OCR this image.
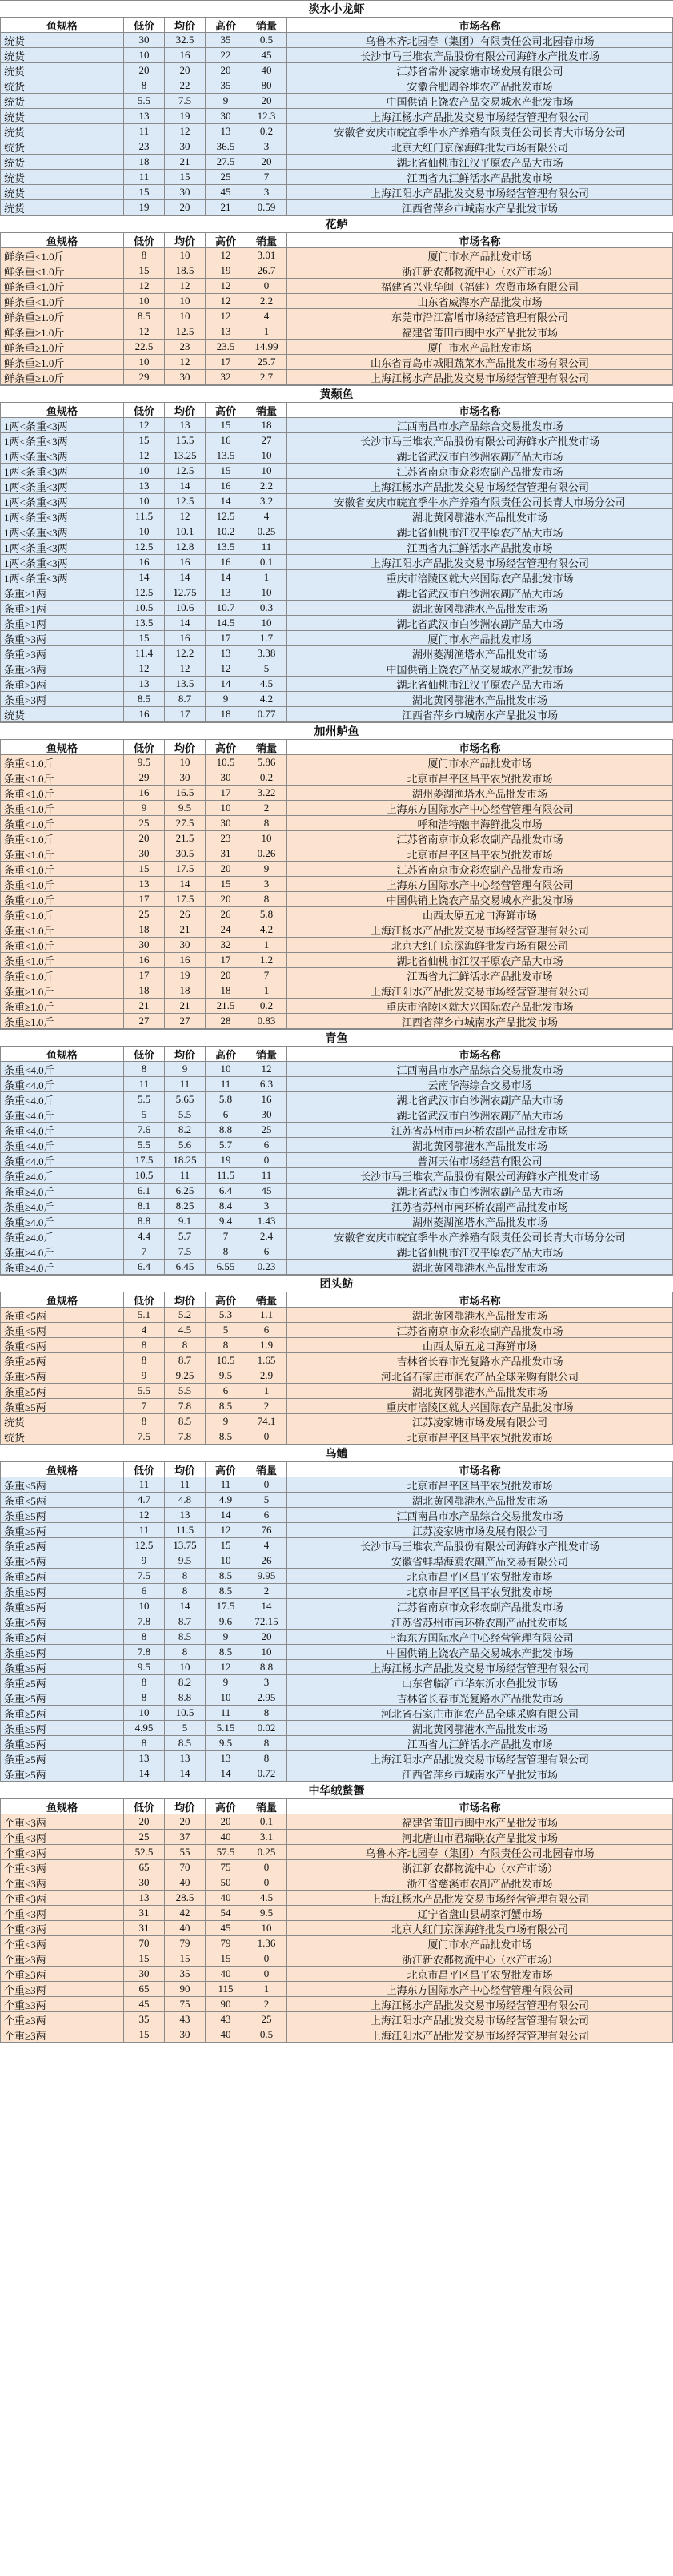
淡水小龙虾
鱼规格	低价	均价	高价	销量	市场名称
统货	30	32.5	35	0.5	乌鲁木齐北园春（集团）有限责任公司北园春市场
统货	10	16	22	45	长沙市马王堆农产品股份有限公司海鲜水产批发市场
统货	20	20	20	40	江苏省常州凌家塘市场发展有限公司
统货	8	22	35	80	安徽合肥周谷堆农产品批发市场
统货	5.5	7.5	9	20	中国供销上饶农产品交易城水产批发市场
统货	13	19	30	12.3	上海江杨水产品批发交易市场经营管理有限公司
统货	11	12	13	0.2	安徽省安庆市皖宜季牛水产养殖有限责任公司长青大市场分公司
统货	23	30	36.5	3	北京大红门京深海鲜批发市场有限公司
统货	18	21	27.5	20	湖北省仙桃市江汉平原农产品大市场
统货	11	15	25	7	江西省九江鲜活水产品批发市场
统货	15	30	45	3	上海江阳水产品批发交易市场经营管理有限公司
统货	19	20	21	0.59	江西省萍乡市城南水产品批发市场
花鲈
鱼规格	低价	均价	高价	销量	市场名称
鲜条重<1.0斤	8	10	12	3.01	厦门市水产品批发市场
鲜条重<1.0斤	15	18.5	19	26.7	浙江新农都物流中心（水产市场）
鲜条重<1.0斤	12	12	12	0	福建省兴业华闽（福建）农贸市场有限公司
鲜条重<1.0斤	10	10	12	2.2	山东省威海水产品批发市场
鲜条重≥1.0斤	8.5	10	12	4	东莞市沿江富增市场经营管理有限公司
鲜条重≥1.0斤	12	12.5	13	1	福建省莆田市闽中水产品批发市场
鲜条重≥1.0斤	22.5	23	23.5	14.99	厦门市水产品批发市场
鲜条重≥1.0斤	10	12	17	25.7	山东省青岛市城阳蔬菜水产品批发市场有限公司
鲜条重≥1.0斤	29	30	32	2.7	上海江杨水产品批发交易市场经营管理有限公司
黄颡鱼
鱼规格	低价	均价	高价	销量	市场名称
1两<条重<3两	12	13	15	18	江西南昌市水产品综合交易批发市场
1两<条重<3两	15	15.5	16	27	长沙市马王堆农产品股份有限公司海鲜水产批发市场
1两<条重<3两	12	13.25	13.5	10	湖北省武汉市白沙洲农副产品大市场
1两<条重<3两	10	12.5	15	10	江苏省南京市众彩农副产品批发市场
1两<条重<3两	13	14	16	2.2	上海江杨水产品批发交易市场经营管理有限公司
1两<条重<3两	10	12.5	14	3.2	安徽省安庆市皖宜季牛水产养殖有限责任公司长青大市场分公司
1两<条重<3两	11.5	12	12.5	4	湖北黄冈鄂港水产品批发市场
1两<条重<3两	10	10.1	10.2	0.25	湖北省仙桃市江汉平原农产品大市场
1两<条重<3两	12.5	12.8	13.5	11	江西省九江鲜活水产品批发市场
1两<条重<3两	16	16	16	0.1	上海江阳水产品批发交易市场经营管理有限公司
1两<条重<3两	14	14	14	1	重庆市涪陵区就大兴国际农产品批发市场
条重>1两	12.5	12.75	13	10	湖北省武汉市白沙洲农副产品大市场
条重>1两	10.5	10.6	10.7	0.3	湖北黄冈鄂港水产品批发市场
条重>1两	13.5	14	14.5	10	湖北省武汉市白沙洲农副产品大市场
条重>3两	15	16	17	1.7	厦门市水产品批发市场
条重>3两	11.4	12.2	13	3.38	湖州菱湖渔塔水产品批发市场
条重>3两	12	12	12	5	中国供销上饶农产品交易城水产批发市场
条重>3两	13	13.5	14	4.5	湖北省仙桃市江汉平原农产品大市场
条重>3两	8.5	8.7	9	4.2	湖北黄冈鄂港水产品批发市场
统货	16	17	18	0.77	江西省萍乡市城南水产品批发市场
加州鲈鱼
鱼规格	低价	均价	高价	销量	市场名称
条重<1.0斤	9.5	10	10.5	5.86	厦门市水产品批发市场
条重<1.0斤	29	30	30	0.2	北京市昌平区昌平农贸批发市场
条重<1.0斤	16	16.5	17	3.22	湖州菱湖渔塔水产品批发市场
条重<1.0斤	9	9.5	10	2	上海东方国际水产中心经营管理有限公司
条重<1.0斤	25	27.5	30	8	呼和浩特融丰海鲜批发市场
条重<1.0斤	20	21.5	23	10	江苏省南京市众彩农副产品批发市场
条重<1.0斤	30	30.5	31	0.26	北京市昌平区昌平农贸批发市场
条重<1.0斤	15	17.5	20	9	江苏省南京市众彩农副产品批发市场
条重<1.0斤	13	14	15	3	上海东方国际水产中心经营管理有限公司
条重<1.0斤	17	17.5	20	8	中国供销上饶农产品交易城水产批发市场
条重<1.0斤	25	26	26	5.8	山西太原五龙口海鲜市场
条重<1.0斤	18	21	24	4.2	上海江杨水产品批发交易市场经营管理有限公司
条重<1.0斤	30	30	32	1	北京大红门京深海鲜批发市场有限公司
条重<1.0斤	16	16	17	1.2	湖北省仙桃市江汉平原农产品大市场
条重<1.0斤	17	19	20	7	江西省九江鲜活水产品批发市场
条重≥1.0斤	18	18	18	1	上海江阳水产品批发交易市场经营管理有限公司
条重≥1.0斤	21	21	21.5	0.2	重庆市涪陵区就大兴国际农产品批发市场
条重≥1.0斤	27	27	28	0.83	江西省萍乡市城南水产品批发市场
青鱼
鱼规格	低价	均价	高价	销量	市场名称
条重<4.0斤	8	9	10	12	江西南昌市水产品综合交易批发市场
条重<4.0斤	11	11	11	6.3	云南华海综合交易市场
条重<4.0斤	5.5	5.65	5.8	16	湖北省武汉市白沙洲农副产品大市场
条重<4.0斤	5	5.5	6	30	湖北省武汉市白沙洲农副产品大市场
条重<4.0斤	7.6	8.2	8.8	25	江苏省苏州市南环桥农副产品批发市场
条重<4.0斤	5.5	5.6	5.7	6	湖北黄冈鄂港水产品批发市场
条重<4.0斤	17.5	18.25	19	0	普洱天佑市场经营有限公司
条重≥4.0斤	10.5	11	11.5	11	长沙市马王堆农产品股份有限公司海鲜水产批发市场
条重≥4.0斤	6.1	6.25	6.4	45	湖北省武汉市白沙洲农副产品大市场
条重≥4.0斤	8.1	8.25	8.4	3	江苏省苏州市南环桥农副产品批发市场
条重≥4.0斤	8.8	9.1	9.4	1.43	湖州菱湖渔塔水产品批发市场
条重≥4.0斤	4.4	5.7	7	2.4	安徽省安庆市皖宜季牛水产养殖有限责任公司长青大市场分公司
条重≥4.0斤	7	7.5	8	6	湖北省仙桃市江汉平原农产品大市场
条重≥4.0斤	6.4	6.45	6.55	0.23	湖北黄冈鄂港水产品批发市场
团头鲂
鱼规格	低价	均价	高价	销量	市场名称
条重<5两	5.1	5.2	5.3	1.1	湖北黄冈鄂港水产品批发市场
条重<5两	4	4.5	5	6	江苏省南京市众彩农副产品批发市场
条重<5两	8	8	8	1.9	山西太原五龙口海鲜市场
条重≥5两	8	8.7	10.5	1.65	吉林省长春市光复路水产品批发市场
条重≥5两	9	9.25	9.5	2.9	河北省石家庄市润农产品全球采购有限公司
条重≥5两	5.5	5.5	6	1	湖北黄冈鄂港水产品批发市场
条重≥5两	7	7.8	8.5	2	重庆市涪陵区就大兴国际农产品批发市场
统货	8	8.5	9	74.1	江苏凌家塘市场发展有限公司
统货	7.5	7.8	8.5	0	北京市昌平区昌平农贸批发市场
乌鳢
鱼规格	低价	均价	高价	销量	市场名称
条重<5两	11	11	11	0	北京市昌平区昌平农贸批发市场
条重<5两	4.7	4.8	4.9	5	湖北黄冈鄂港水产品批发市场
条重≥5两	12	13	14	6	江西南昌市水产品综合交易批发市场
条重≥5两	11	11.5	12	76	江苏凌家塘市场发展有限公司
条重≥5两	12.5	13.75	15	4	长沙市马王堆农产品股份有限公司海鲜水产批发市场
条重≥5两	9	9.5	10	26	安徽省蚌埠海鸥农副产品交易有限公司
条重≥5两	7.5	8	8.5	9.95	北京市昌平区昌平农贸批发市场
条重≥5两	6	8	8.5	2	北京市昌平区昌平农贸批发市场
条重≥5两	10	14	17.5	14	江苏省南京市众彩农副产品批发市场
条重≥5两	7.8	8.7	9.6	72.15	江苏省苏州市南环桥农副产品批发市场
条重≥5两	8	8.5	9	20	上海东方国际水产中心经营管理有限公司
条重≥5两	7.8	8	8.5	10	中国供销上饶农产品交易城水产批发市场
条重≥5两	9.5	10	12	8.8	上海江杨水产品批发交易市场经营管理有限公司
条重≥5两	8	8.2	9	3	山东省临沂市华东沂水鱼批发市场
条重≥5两	8	8.8	10	2.95	吉林省长春市光复路水产品批发市场
条重≥5两	10	10.5	11	8	河北省石家庄市润农产品全球采购有限公司
条重≥5两	4.95	5	5.15	0.02	湖北黄冈鄂港水产品批发市场
条重≥5两	8	8.5	9.5	8	江西省九江鲜活水产品批发市场
条重≥5两	13	13	13	8	上海江阳水产品批发交易市场经营管理有限公司
条重≥5两	14	14	14	0.72	江西省萍乡市城南水产品批发市场
中华绒螯蟹
鱼规格	低价	均价	高价	销量	市场名称
个重<3两	20	20	20	0.1	福建省莆田市闽中水产品批发市场
个重<3两	25	37	40	3.1	河北唐山市君瑞联农产品批发市场
个重<3两	52.5	55	57.5	0.25	乌鲁木齐北园春（集团）有限责任公司北园春市场
个重<3两	65	70	75	0	浙江新农都物流中心（水产市场）
个重<3两	30	40	50	0	浙江省慈溪市农副产品批发市场
个重<3两	13	28.5	40	4.5	上海江杨水产品批发交易市场经营管理有限公司
个重<3两	31	42	54	9.5	辽宁省盘山县胡家河蟹市场
个重<3两	31	40	45	10	北京大红门京深海鲜批发市场有限公司
个重<3两	70	79	79	1.36	厦门市水产品批发市场
个重≥3两	15	15	15	0	浙江新农都物流中心（水产市场）
个重≥3两	30	35	40	0	北京市昌平区昌平农贸批发市场
个重≥3两	65	90	115	1	上海东方国际水产中心经营管理有限公司
个重≥3两	45	75	90	2	上海江杨水产品批发交易市场经营管理有限公司
个重≥3两	35	43	43	25	上海江阳水产品批发交易市场经营管理有限公司
个重≥3两	15	30	40	0.5	上海江阳水产品批发交易市场经营管理有限公司
